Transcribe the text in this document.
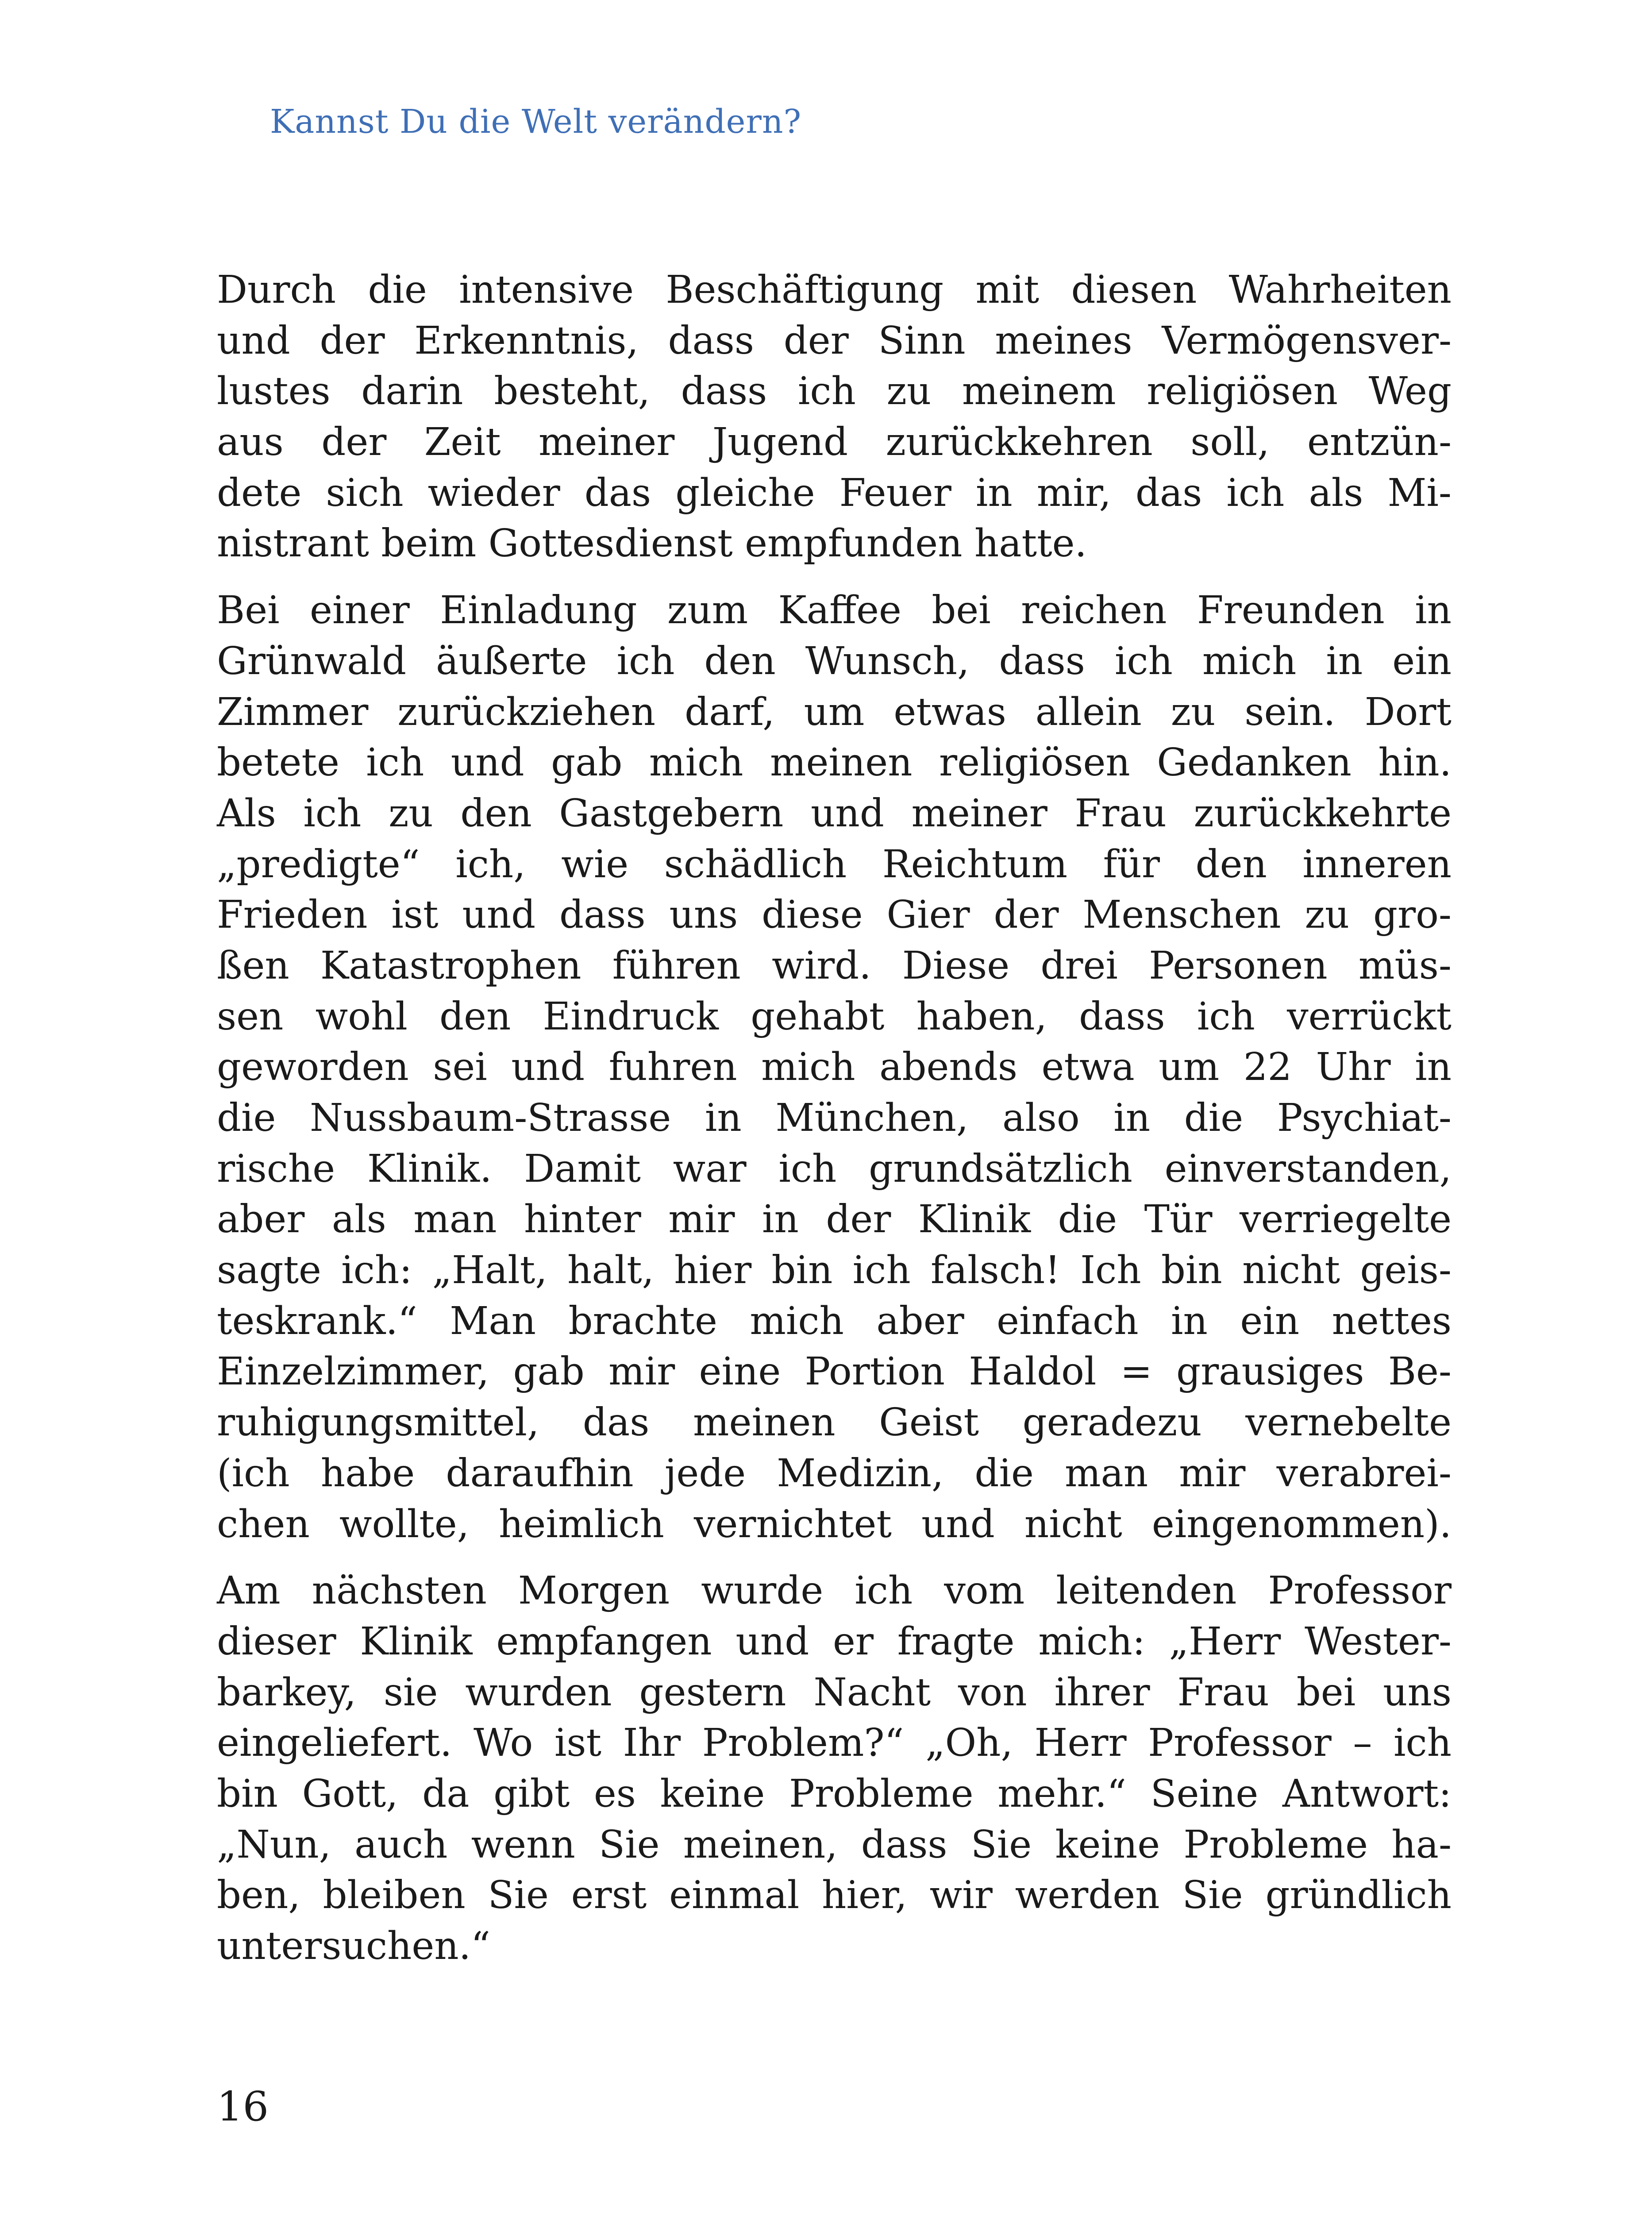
Kannst Du die Welt verändern?
Durch die intensive Beschäftigung mit diesen Wahrheiten
und der Erkenntnis, dass der Sinn meines Vermögensver-
lustes darin besteht, dass ich zu meinem religiösen Weg
aus der Zeit meiner Jugend zurückkehren soll, entzün-
dete sich wieder das gleiche Feuer in mir, das ich als Mi-
nistrant beim Gottesdienst empfunden hatte.
Bei einer Einladung zum Kaffee bei reichen Freunden in
Grünwald äußerte ich den Wunsch, dass ich mich in ein
Zimmer zurückziehen darf, um etwas allein zu sein. Dort
betete ich und gab mich meinen religiösen Gedanken hin.
Als ich zu den Gastgebern und meiner Frau zurückkehrte
„predigte“ ich, wie schädlich Reichtum für den inneren
Frieden ist und dass uns diese Gier der Menschen zu gro-
ßen Katastrophen führen wird. Diese drei Personen müs-
sen wohl den Eindruck gehabt haben, dass ich verrückt
geworden sei und fuhren mich abends etwa um 22 Uhr in
die Nussbaum-Strasse in München, also in die Psychiat-
rische Klinik. Damit war ich grundsätzlich einverstanden,
aber als man hinter mir in der Klinik die Tür verriegelte
sagte ich: „Halt, halt, hier bin ich falsch! Ich bin nicht geis-
teskrank.“ Man brachte mich aber einfach in ein nettes
Einzelzimmer, gab mir eine Portion Haldol = grausiges Be-
ruhigungsmittel, das meinen Geist geradezu vernebelte
(ich habe daraufhin jede Medizin, die man mir verabrei-
chen wollte, heimlich vernichtet und nicht eingenommen).
Am nächsten Morgen wurde ich vom leitenden Professor
dieser Klinik empfangen und er fragte mich: „Herr Wester-
barkey, sie wurden gestern Nacht von ihrer Frau bei uns
eingeliefert. Wo ist Ihr Problem?“ „Oh, Herr Professor – ich
bin Gott, da gibt es keine Probleme mehr.“ Seine Antwort:
„Nun, auch wenn Sie meinen, dass Sie keine Probleme ha-
ben, bleiben Sie erst einmal hier, wir werden Sie gründlich
untersuchen.“
16
